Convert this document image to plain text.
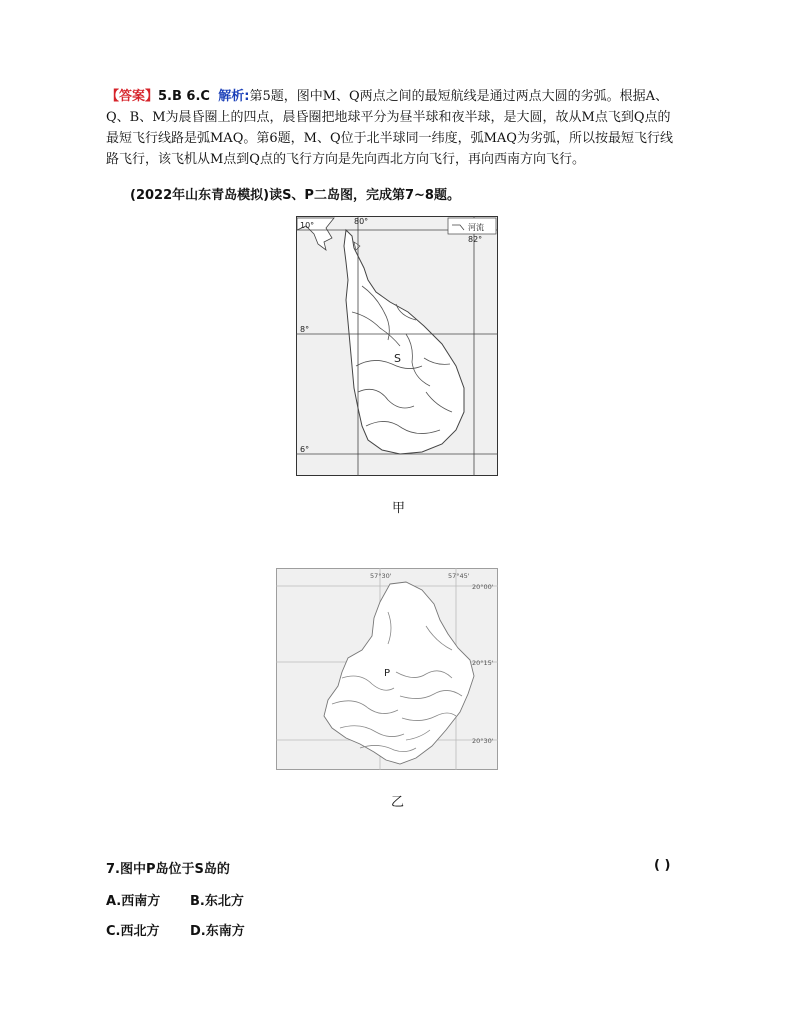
【答案】5.B 6.C 解析:第5题，图中M、Q两点之间的最短航线是通过两点大圆的劣弧。根据A、
Q、B、M为晨昏圈上的四点，晨昏圈把地球平分为昼半球和夜半球，是大圆，故从M点飞到Q点的
最短飞行线路是弧MAQ。第6题，M、Q位于北半球同一纬度，弧MAQ为劣弧，所以按最短飞行线
路飞行，该飞机从M点到Q点的飞行方向是先向西北方向飞行，再向西南方向飞行。
(2022年山东青岛模拟)读S、P二岛图，完成第7~8题。
河流
10°
8°
6°
80°
82°
S
甲
57°30'	57°45'
20°00'
20°15'
20°30'
P
乙
7.图中P岛位于S岛的	( )
A.西南方 B.东北方
C.西北方 D.东南方
